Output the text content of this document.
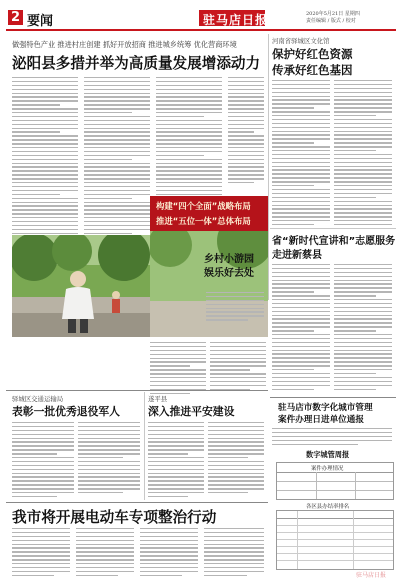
2 要闻	驻马店日报	2020年5月21日 星期四
责任编辑 / 版式 / 校对
做强特色产业 推进村庄创建 抓好开放招商 推进城乡统筹 优化营商环境
泌阳县多措并举为高质量发展增添动力
河南省驿城区文化馆
保护好红色资源
传承好红色基因
构建“四个全面”战略布局
推进“五位一体”总体布局
乡村小游园
娱乐好去处
省“新时代宣讲和”志愿服务
走进新蔡县
驿城区交通运输局
表彰一批优秀退役军人
遂平县
深入推进平安建设	驻马店市数字化城市管理
案件办理日进单位通报
数字城管周报
案件办理情况
各区县办结率排名
我市将开展电动车专项整治行动
驻马店日报
